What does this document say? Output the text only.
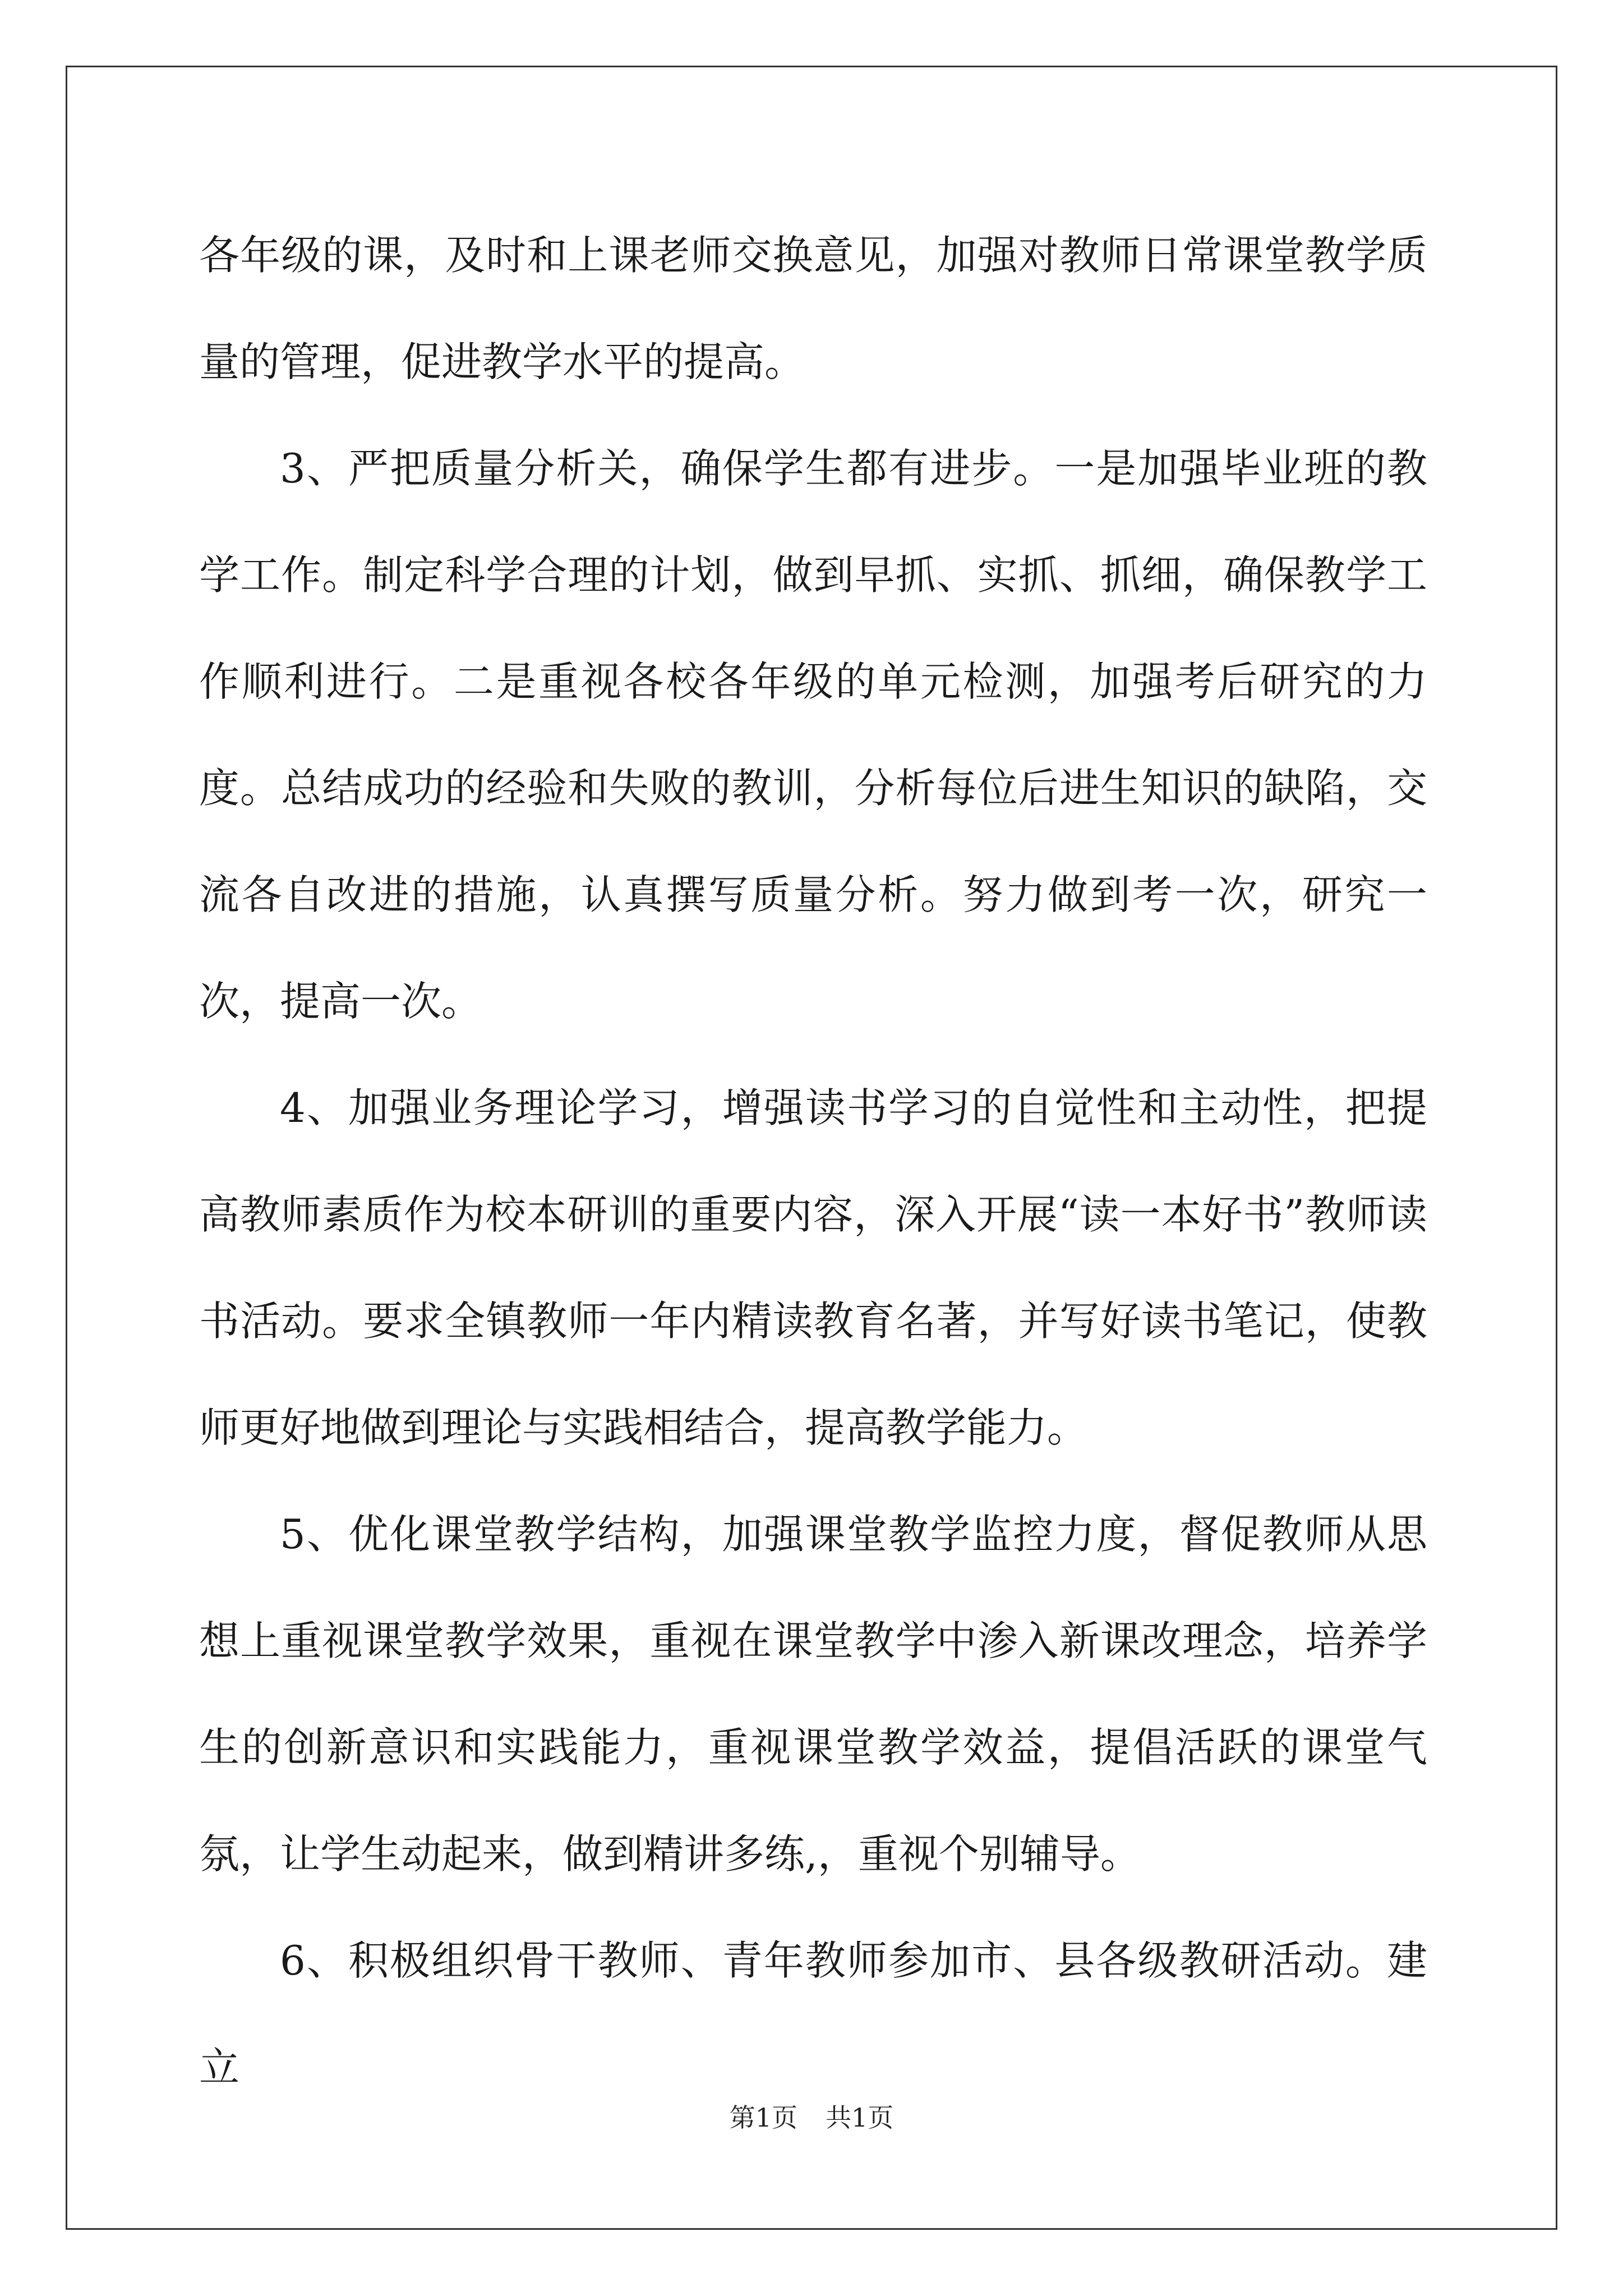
各年级的课，及时和上课老师交换意见，加强对教师日常课堂教学质量的管理，促进教学水平的提高。

3、严把质量分析关，确保学生都有进步。一是加强毕业班的教学工作。制定科学合理的计划，做到早抓、实抓、抓细，确保教学工作顺利进行。二是重视各校各年级的单元检测，加强考后研究的力度。总结成功的经验和失败的教训，分析每位后进生知识的缺陷，交流各自改进的措施，认真撰写质量分析。努力做到考一次，研究一次，提高一次。

4、加强业务理论学习，增强读书学习的自觉性和主动性，把提高教师素质作为校本研训的重要内容，深入开展“读一本好书”教师读书活动。要求全镇教师一年内精读教育名著，并写好读书笔记，使教师更好地做到理论与实践相结合，提高教学能力。

5、优化课堂教学结构，加强课堂教学监控力度，督促教师从思想上重视课堂教学效果，重视在课堂教学中渗入新课改理念，培养学生的创新意识和实践能力，重视课堂教学效益，提倡活跃的课堂气氛，让学生动起来，做到精讲多练,，重视个别辅导。

6、积极组织骨干教师、青年教师参加市、县各级教研活动。建立

第1页 共1页
